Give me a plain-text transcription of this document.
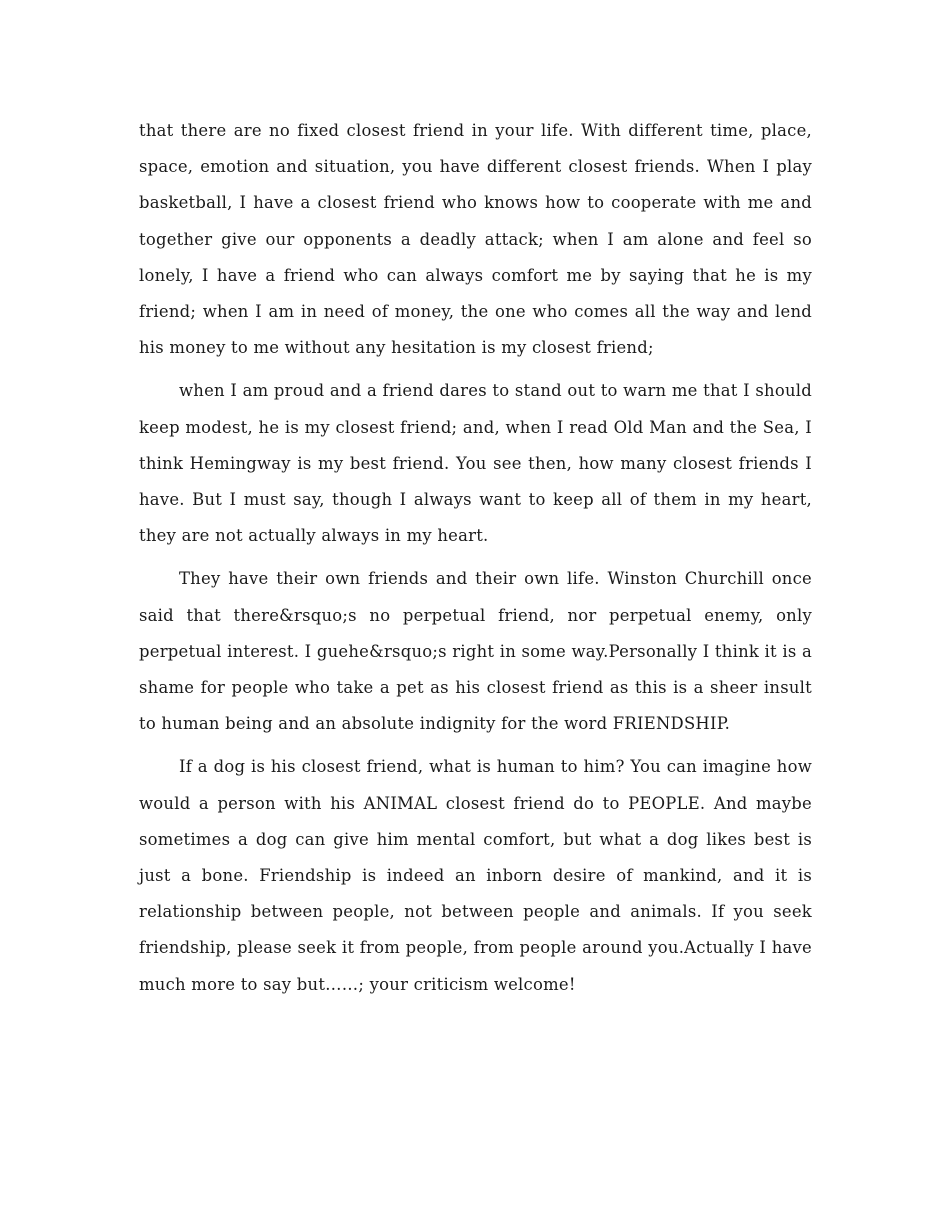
that there are no fixed closest friend in your life. With different time, place, space, emotion and situation, you have different closest friends. When I play basketball, I have a closest friend who knows how to cooperate with me and together give our opponents a deadly attack; when I am alone and feel so lonely, I have a friend who can always comfort me by saying that he is my friend; when I am in need of money, the one who comes all the way and lend his money to me without any hesitation is my closest friend;

when I am proud and a friend dares to stand out to warn me that I should keep modest, he is my closest friend; and, when I read Old Man and the Sea, I think Hemingway is my best friend. You see then, how many closest friends I have. But I must say, though I always want to keep all of them in my heart, they are not actually always in my heart.

They have their own friends and their own life. Winston Churchill once said that there&rsquo;s no perpetual friend, nor perpetual enemy, only perpetual interest. I guehe&rsquo;s right in some way.Personally I think it is a shame for people who take a pet as his closest friend as this is a sheer insult to human being and an absolute indignity for the word FRIENDSHIP.

If a dog is his closest friend, what is human to him? You can imagine how would a person with his ANIMAL closest friend do to PEOPLE. And maybe sometimes a dog can give him mental comfort, but what a dog likes best is just a bone. Friendship is indeed an inborn desire of mankind, and it is relationship between people, not between people and animals. If you seek friendship, please seek it from people, from people around you.Actually I have much more to say but……; your criticism welcome!
